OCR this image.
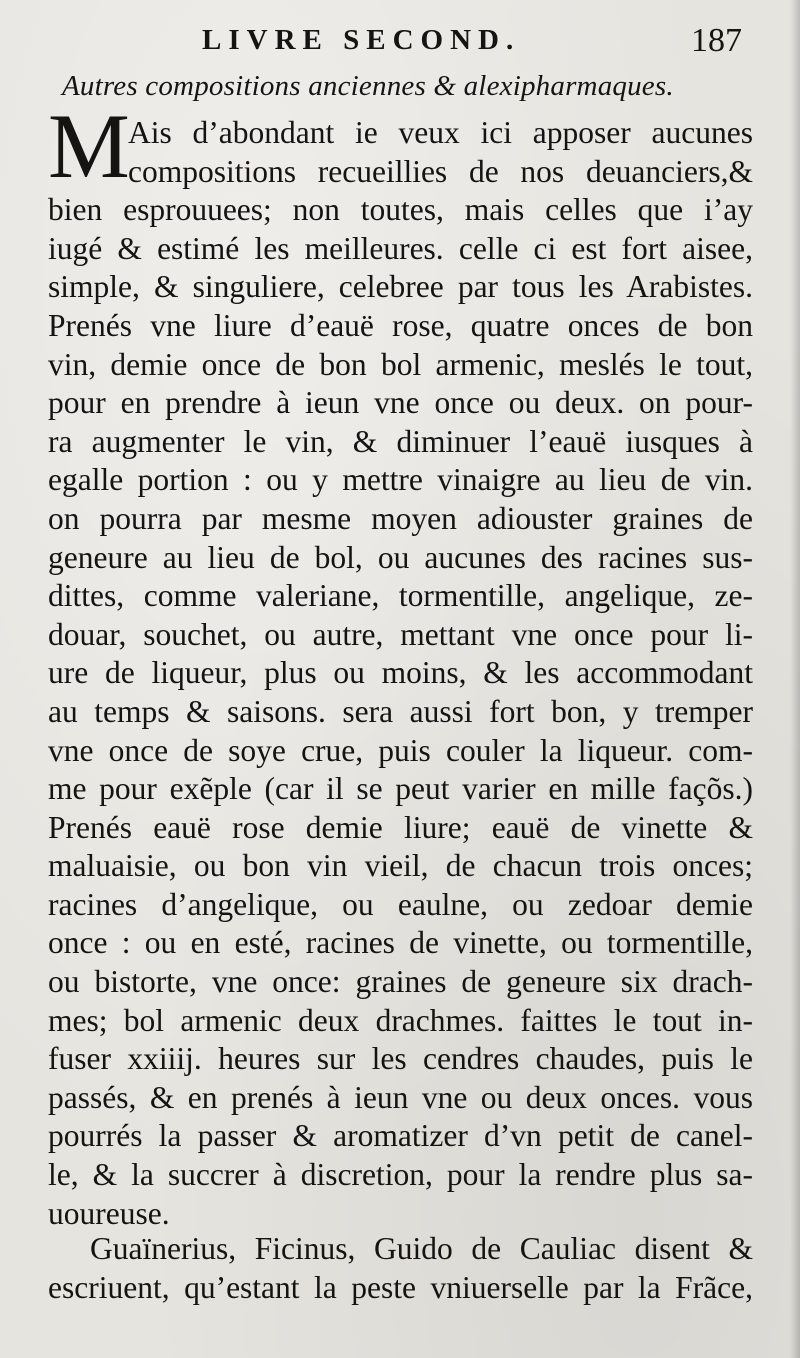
LIVRE SECOND.	187
Autres compositions anciennes & alexipharmaques.
M
Ais d’abondant ie veux ici apposer aucunes
compositions recueillies de nos deuanciers,&
bien esprouuees; non toutes, mais celles que i’ay
iugé & estimé les meilleures. celle ci est fort aisee,
simple, & singuliere, celebree par tous les Arabistes.
Prenés vne liure d’eauë rose, quatre onces de bon
vin, demie once de bon bol armenic, meslés le tout,
pour en prendre à ieun vne once ou deux. on pour-
ra augmenter le vin, & diminuer l’eauë iusques à
egalle portion : ou y mettre vinaigre au lieu de vin.
on pourra par mesme moyen adiouster graines de
geneure au lieu de bol, ou aucunes des racines sus-
dittes, comme valeriane, tormentille, angelique, ze-
douar, souchet, ou autre, mettant vne once pour li-
ure de liqueur, plus ou moins, & les accommodant
au temps & saisons. sera aussi fort bon, y tremper
vne once de soye crue, puis couler la liqueur. com-
me pour exẽple (car il se peut varier en mille façõs.)
Prenés eauë rose demie liure; eauë de vinette &
maluaisie, ou bon vin vieil, de chacun trois onces;
racines d’angelique, ou eaulne, ou zedoar demie
once : ou en esté, racines de vinette, ou tormentille,
ou bistorte, vne once: graines de geneure six drach-
mes; bol armenic deux drachmes. faittes le tout in-
fuser xxiiij. heures sur les cendres chaudes, puis le
passés, & en prenés à ieun vne ou deux onces. vous
pourrés la passer & aromatizer d’vn petit de canel-
le, & la succrer à discretion, pour la rendre plus sa-
uoureuse.
Guaïnerius, Ficinus, Guido de Cauliac disent &
escriuent, qu’estant la peste vniuerselle par la Frãce,
